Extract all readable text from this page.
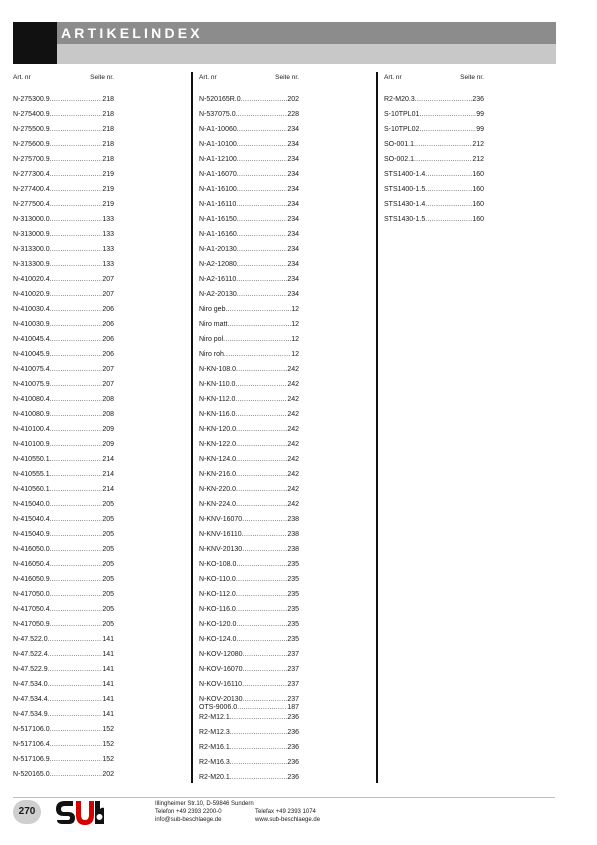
ARTIKELINDEX
Art. nr	Seite nr.
N-275300.9 .....	218
N-275400.9 .....	218
N-275500.9 .....	218
N-275600.9 .....	218
N-275700.9 .....	218
N-277300.4 .....	219
N-277400.4 .....	219
N-277500.4 .....	219
N-313000.0 .....	133
N-313000.9 .....	133
N-313300.0 .....	133
N-313300.9 .....	133
N-410020.4 .....	207
N-410020.9 .....	207
N-410030.4 .....	206
N-410030.9 .....	206
N-410045.4 .....	206
N-410045.9 .....	206
N-410075.4 .....	207
N-410075.9 .....	207
N-410080.4 .....	208
N-410080.9 .....	208
N-410100.4 .....	209
N-410100.9 .....	209
N-410550.1 .....	214
N-410555.1 .....	214
N-410560.1 .....	214
N-415040.0 .....	205
N-415040.4 .....	205
N-415040.9 .....	205
N-416050.0 .....	205
N-416050.4 .....	205
N-416050.9 .....	205
N-417050.0 .....	205
N-417050.4 .....	205
N-417050.9 .....	205
N-47.522.0 .....	141
N-47.522.4 .....	141
N-47.522.9 .....	141
N-47.534.0 .....	141
N-47.534.4 .....	141
N-47.534.9 .....	141
N-517106.0 .....	152
N-517106.4 .....	152
N-517106.9 .....	152
N-520165.0 .....	202
Art. nr	Seite nr.
N-520165R.0 .....	202
N-537075.0 .....	228
N-A1-10060 .....	234
N-A1-10100 .....	234
N-A1-12100 .....	234
N-A1-16070 .....	234
N-A1-16100 .....	234
N-A1-16110 .....	234
N-A1-16150 .....	234
N-A1-16160 .....	234
N-A1-20130 .....	234
N-A2-12080 .....	234
N-A2-16110 .....	234
N-A2-20130 .....	234
Niro geb .....	12
Niro matt .....	12
Niro pol .....	12
Niro roh .....	12
N-KN-108.0 .....	242
N-KN-110.0 .....	242
N-KN-112.0 .....	242
N-KN-116.0 .....	242
N-KN-120.0 .....	242
N-KN-122.0 .....	242
N-KN-124.0 .....	242
N-KN-216.0 .....	242
N-KN-220.0 .....	242
N-KN-224.0 .....	242
N-KNV-16070 .....	238
N-KNV-16110 .....	238
N-KNV-20130 .....	238
N-KO-108.0 .....	235
N-KO-110.0 .....	235
N-KO-112.0 .....	235
N-KO-116.0 .....	235
N-KO-120.0 .....	235
N-KO-124.0 .....	235
N-KOV-12080 .....	237
N-KOV-16070 .....	237
N-KOV-16110 .....	237
N-KOV-20130 .....	237
OTS-9006.0 .....	187
R2-M12.1 .....	236
R2-M12.3 .....	236
R2-M16.1 .....	236
R2-M16.3 .....	236
R2-M20.1 .....	236
Art. nr	Seite nr.
R2-M20.3 .....	236
S-10TPL01 .....	99
S-10TPL02 .....	99
SO-001.1 .....	212
SO-002.1 .....	212
STS1400-1.4 .....	160
STS1400-1.5 .....	160
STS1430-1.4 .....	160
STS1430-1.5 .....	160
270
Illingheimer Str.10, D-59846 Sundern
Telefon +49 2393 2200-0	Telefax +49 2393 1074
info@sub-beschlaege.de	www.sub-beschlaege.de
